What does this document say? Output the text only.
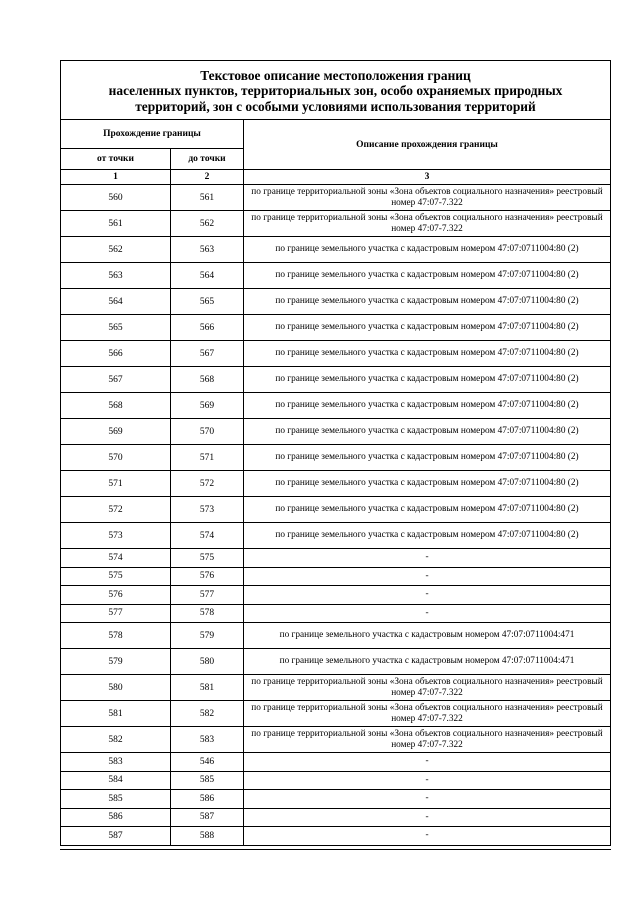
Текстовое описание местоположения границ
населенных пунктов, территориальных зон, особо охраняемых природных
территорий, зон с особыми условиями использования территорий		

Прохождение границы		Описание прохождения границы
от точки	до точки	
1	2	3
560	561	по границе территориальной зоны «Зона объектов социального назначения» реестровый номер 47:07-7.322
561	562	по границе территориальной зоны «Зона объектов социального назначения» реестровый номер 47:07-7.322
562	563	по границе земельного участка с кадастровым номером 47:07:0711004:80 (2)
563	564	по границе земельного участка с кадастровым номером 47:07:0711004:80 (2)
564	565	по границе земельного участка с кадастровым номером 47:07:0711004:80 (2)
565	566	по границе земельного участка с кадастровым номером 47:07:0711004:80 (2)
566	567	по границе земельного участка с кадастровым номером 47:07:0711004:80 (2)
567	568	по границе земельного участка с кадастровым номером 47:07:0711004:80 (2)
568	569	по границе земельного участка с кадастровым номером 47:07:0711004:80 (2)
569	570	по границе земельного участка с кадастровым номером 47:07:0711004:80 (2)
570	571	по границе земельного участка с кадастровым номером 47:07:0711004:80 (2)
571	572	по границе земельного участка с кадастровым номером 47:07:0711004:80 (2)
572	573	по границе земельного участка с кадастровым номером 47:07:0711004:80 (2)
573	574	по границе земельного участка с кадастровым номером 47:07:0711004:80 (2)
574	575	-
575	576	-
576	577	-
577	578	-
578	579	по границе земельного участка с кадастровым номером 47:07:0711004:471
579	580	по границе земельного участка с кадастровым номером 47:07:0711004:471
580	581	по границе территориальной зоны «Зона объектов социального назначения» реестровый номер 47:07-7.322
581	582	по границе территориальной зоны «Зона объектов социального назначения» реестровый номер 47:07-7.322
582	583	по границе территориальной зоны «Зона объектов социального назначения» реестровый номер 47:07-7.322
583	546	-
584	585	-
585	586	-
586	587	-
587	588	-
